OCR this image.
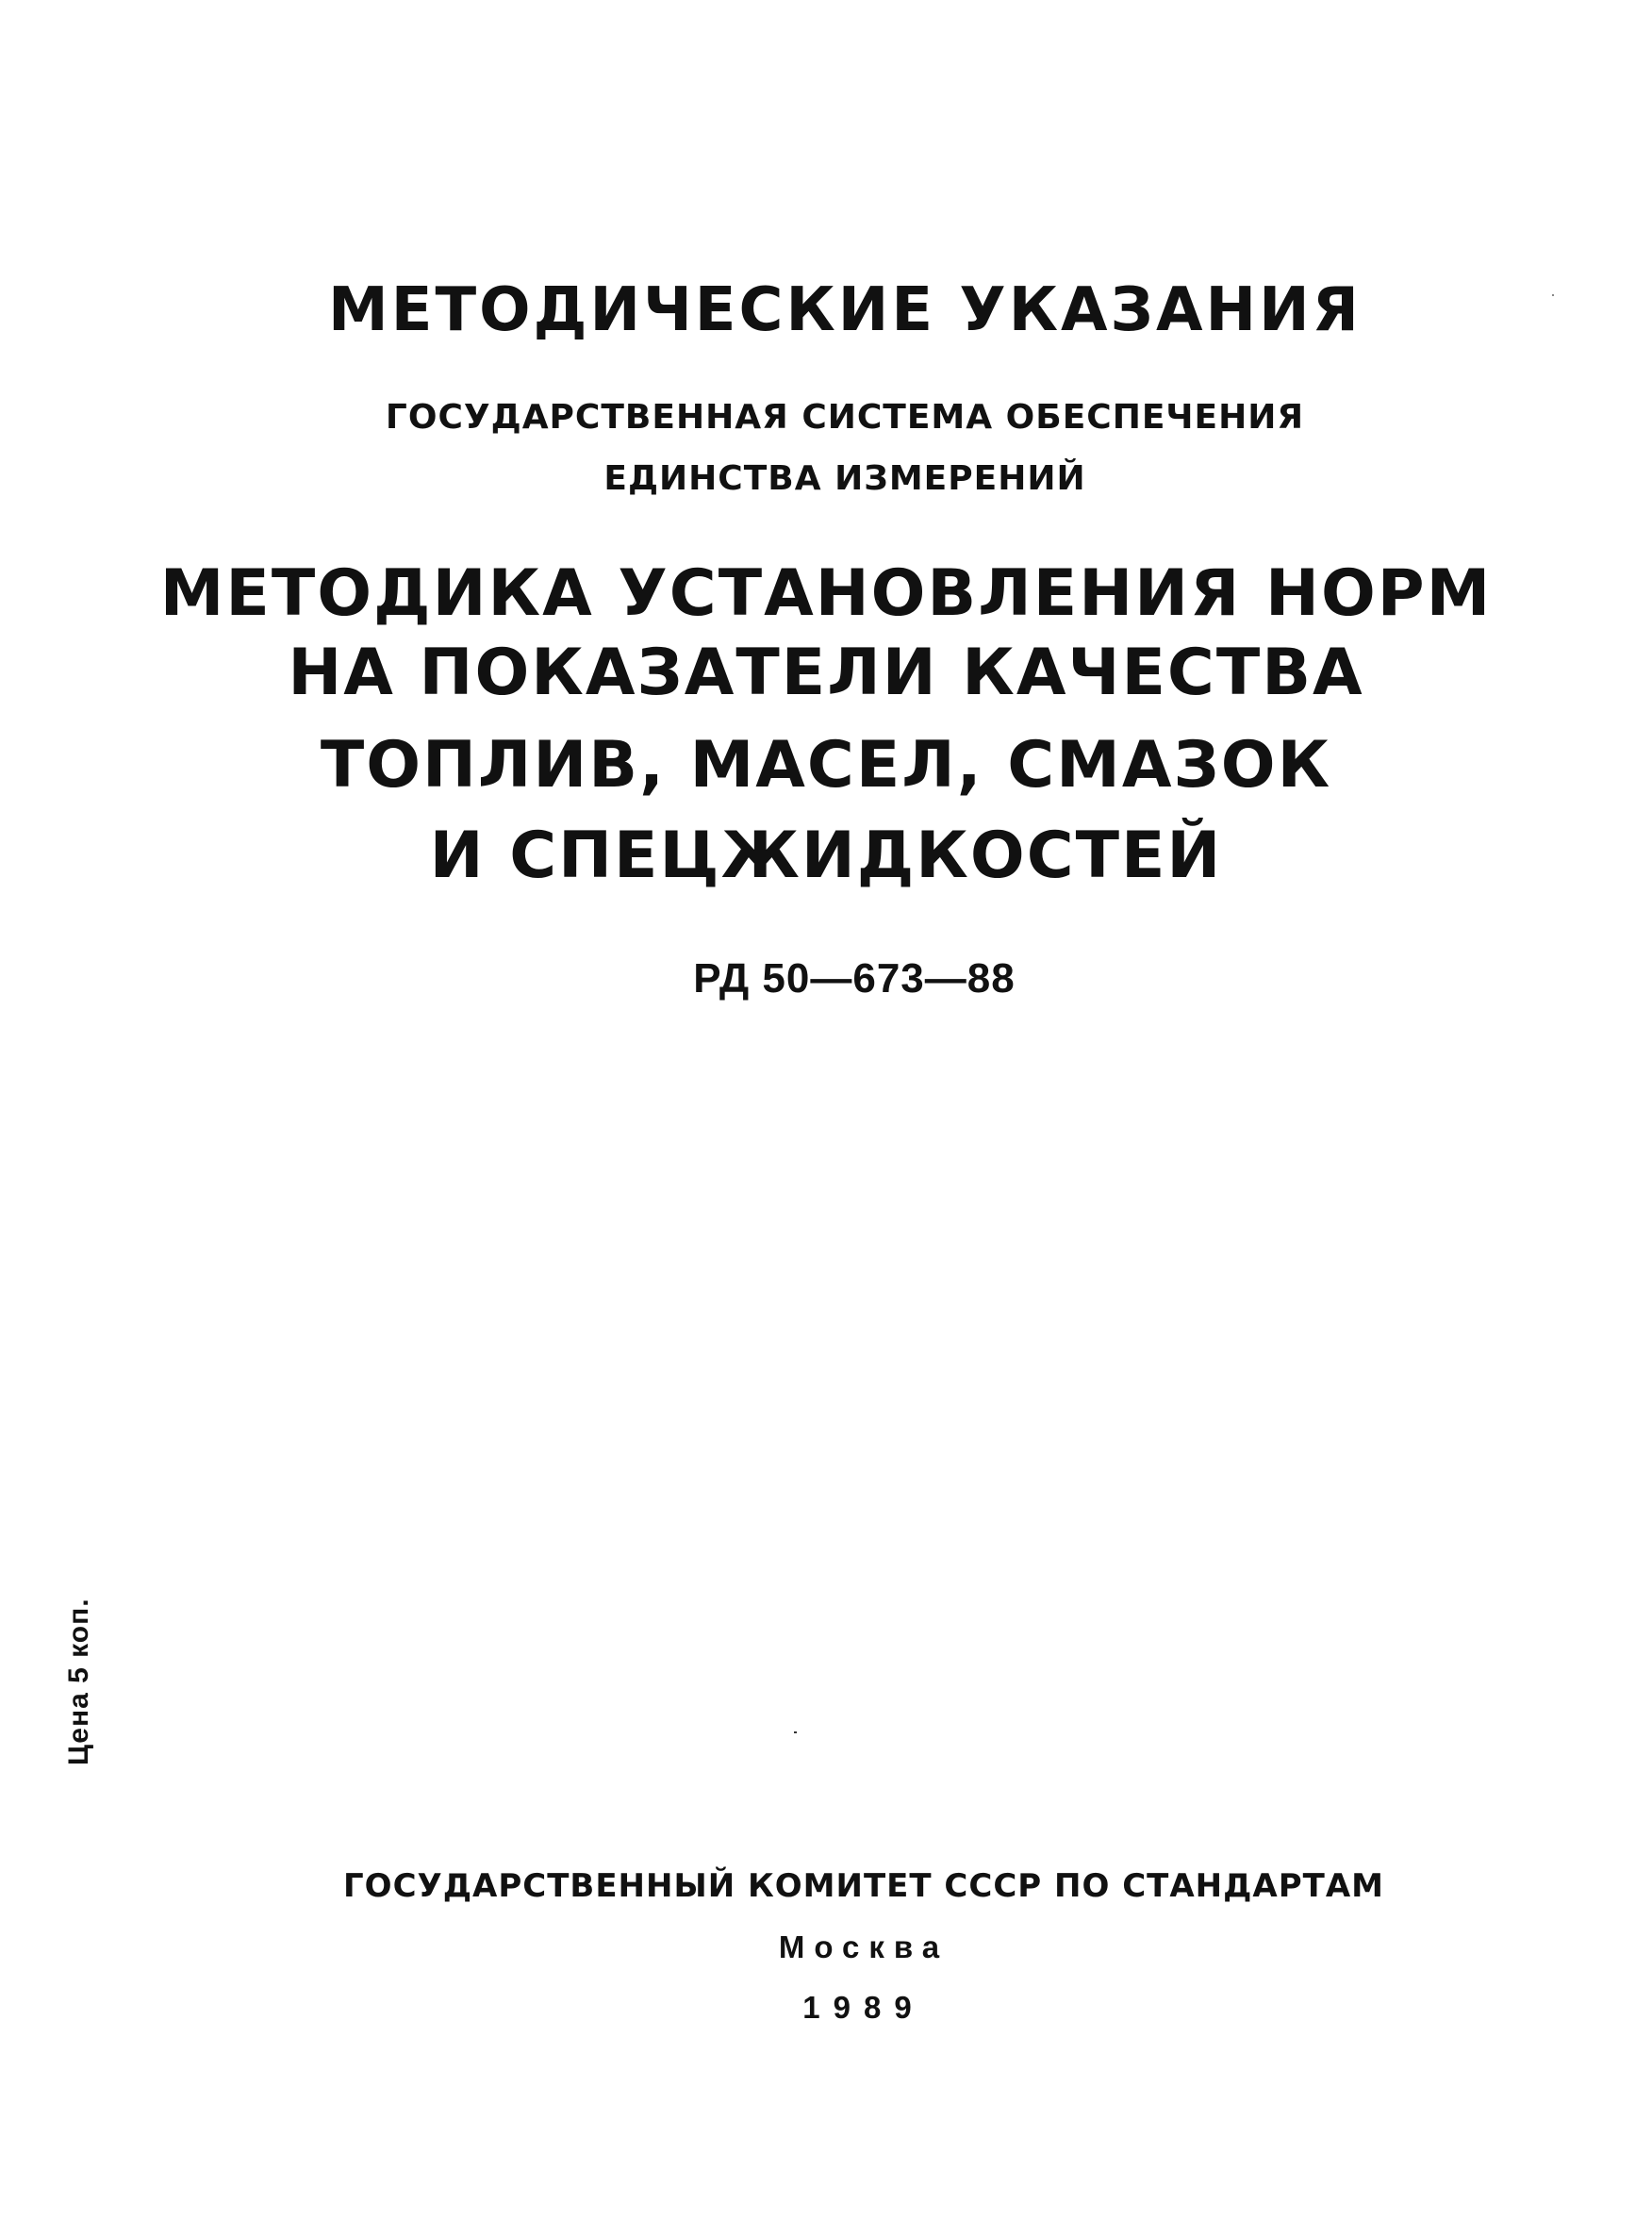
МЕТОДИЧЕСКИЕ УКАЗАНИЯ
ГОСУДАРСТВЕННАЯ СИСТЕМА ОБЕСПЕЧЕНИЯ
ЕДИНСТВА ИЗМЕРЕНИЙ
МЕТОДИКА УСТАНОВЛЕНИЯ НОРМ
НА ПОКАЗАТЕЛИ КАЧЕСТВА
ТОПЛИВ, МАСЕЛ, СМАЗОК
И СПЕЦЖИДКОСТЕЙ
РД 50—673—88
Цена 5 коп.
ГОСУДАРСТВЕННЫЙ КОМИТЕТ СССР ПО СТАНДАРТАМ
Москва
1989
